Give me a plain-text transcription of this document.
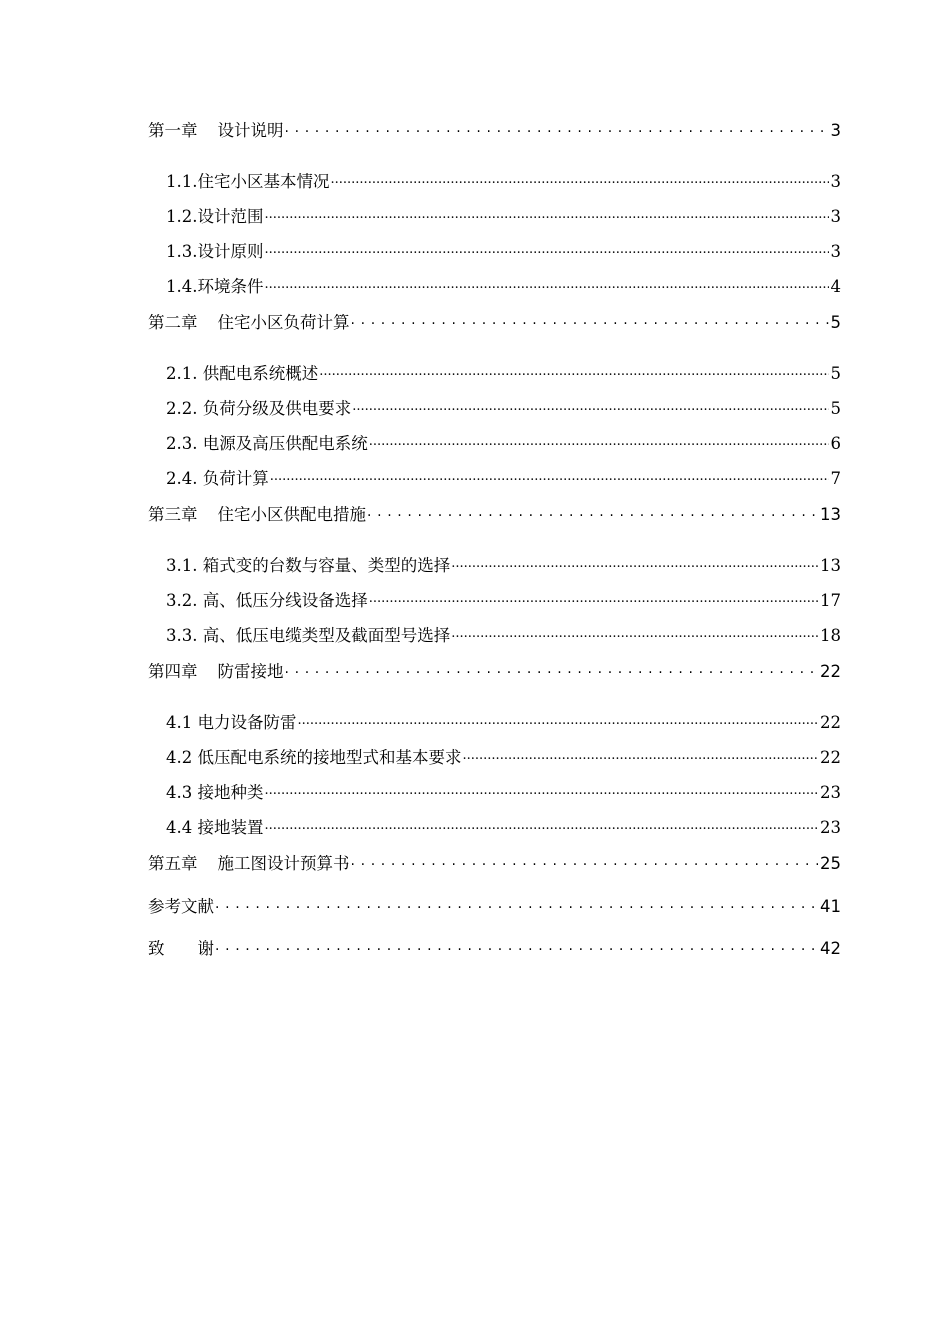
第一章 设计说明 . . .	3
1.1.住宅小区基本情况 .....	3
1.2.设计范围 .....	3
1.3.设计原则 .....	3
1.4.环境条件 .....	4
第二章 住宅小区负荷计算 . . .	5
2.1. 供配电系统概述 .....	5
2.2. 负荷分级及供电要求 .....	5
2.3. 电源及高压供配电系统 .....	6
2.4. 负荷计算 .....	7
第三章 住宅小区供配电措施 . . .	13
3.1. 箱式变的台数与容量、类型的选择 .....	13
3.2. 高、低压分线设备选择 .....	17
3.3. 高、低压电缆类型及截面型号选择 .....	18
第四章 防雷接地 . . .	22
4.1 电力设备防雷 .....	22
4.2 低压配电系统的接地型式和基本要求 .....	22
4.3 接地种类 .....	23
4.4 接地装置 .....	23
第五章 施工图设计预算书 . . .	25
参考文献 . . .	41
致　　谢 . . .	42
